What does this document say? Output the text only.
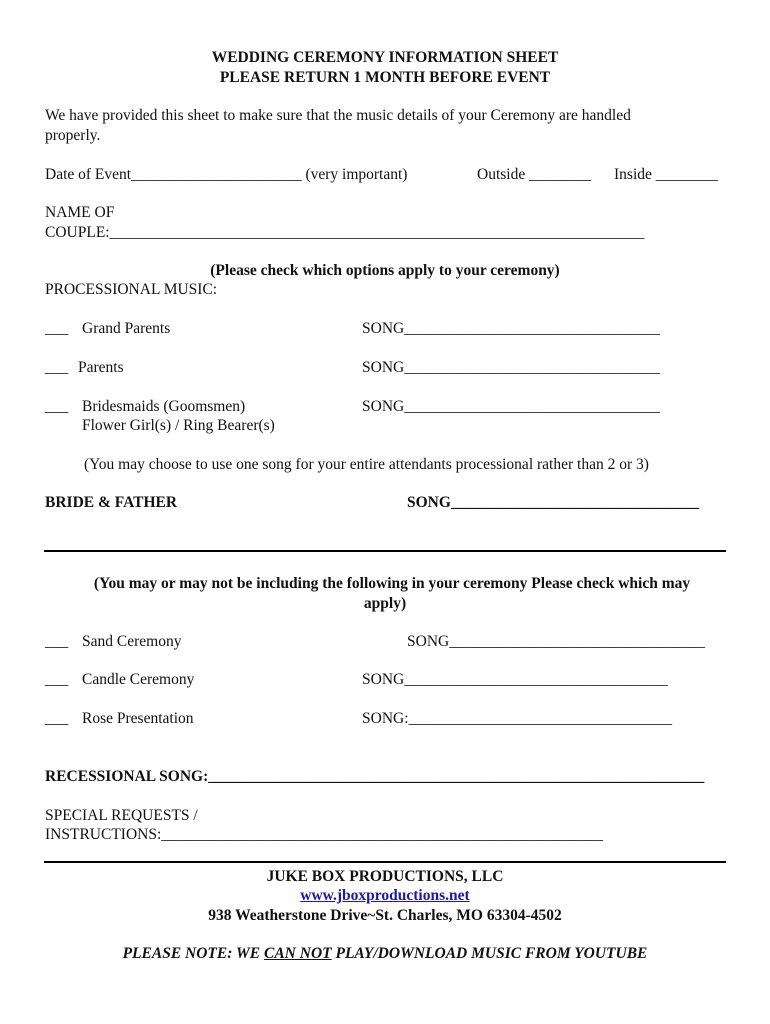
WEDDING CEREMONY INFORMATION SHEET
PLEASE RETURN 1 MONTH BEFORE EVENT
We have provided this sheet to make sure that the music details of your Ceremony are handled
properly.
Date of Event______________________ (very important)	Outside ________ Inside ________
NAME OF
COUPLE:_____________________________________________________________________
(Please check which options apply to your ceremony)
PROCESSIONAL MUSIC:
___ Grand Parents	SONG_________________________________
___ Parents	SONG_________________________________
___ Bridesmaids (Goomsmen)
Flower Girl(s) / Ring Bearer(s)
SONG_________________________________
(You may choose to use one song for your entire attendants processional rather than 2 or 3)
BRIDE & FATHER	SONG________________________________
(You may or may not be including the following in your ceremony Please check which may
apply)
___ Sand Ceremony	SONG_________________________________
___ Candle Ceremony	SONG__________________________________
___ Rose Presentation	SONG:__________________________________
RECESSIONAL SONG:________________________________________________________________
SPECIAL REQUESTS /
INSTRUCTIONS:_________________________________________________________
JUKE BOX PRODUCTIONS, LLC
www.jboxproductions.net
938 Weatherstone Drive~St. Charles, MO 63304-4502
PLEASE NOTE: WE CAN NOT PLAY/DOWNLOAD MUSIC FROM YOUTUBE
